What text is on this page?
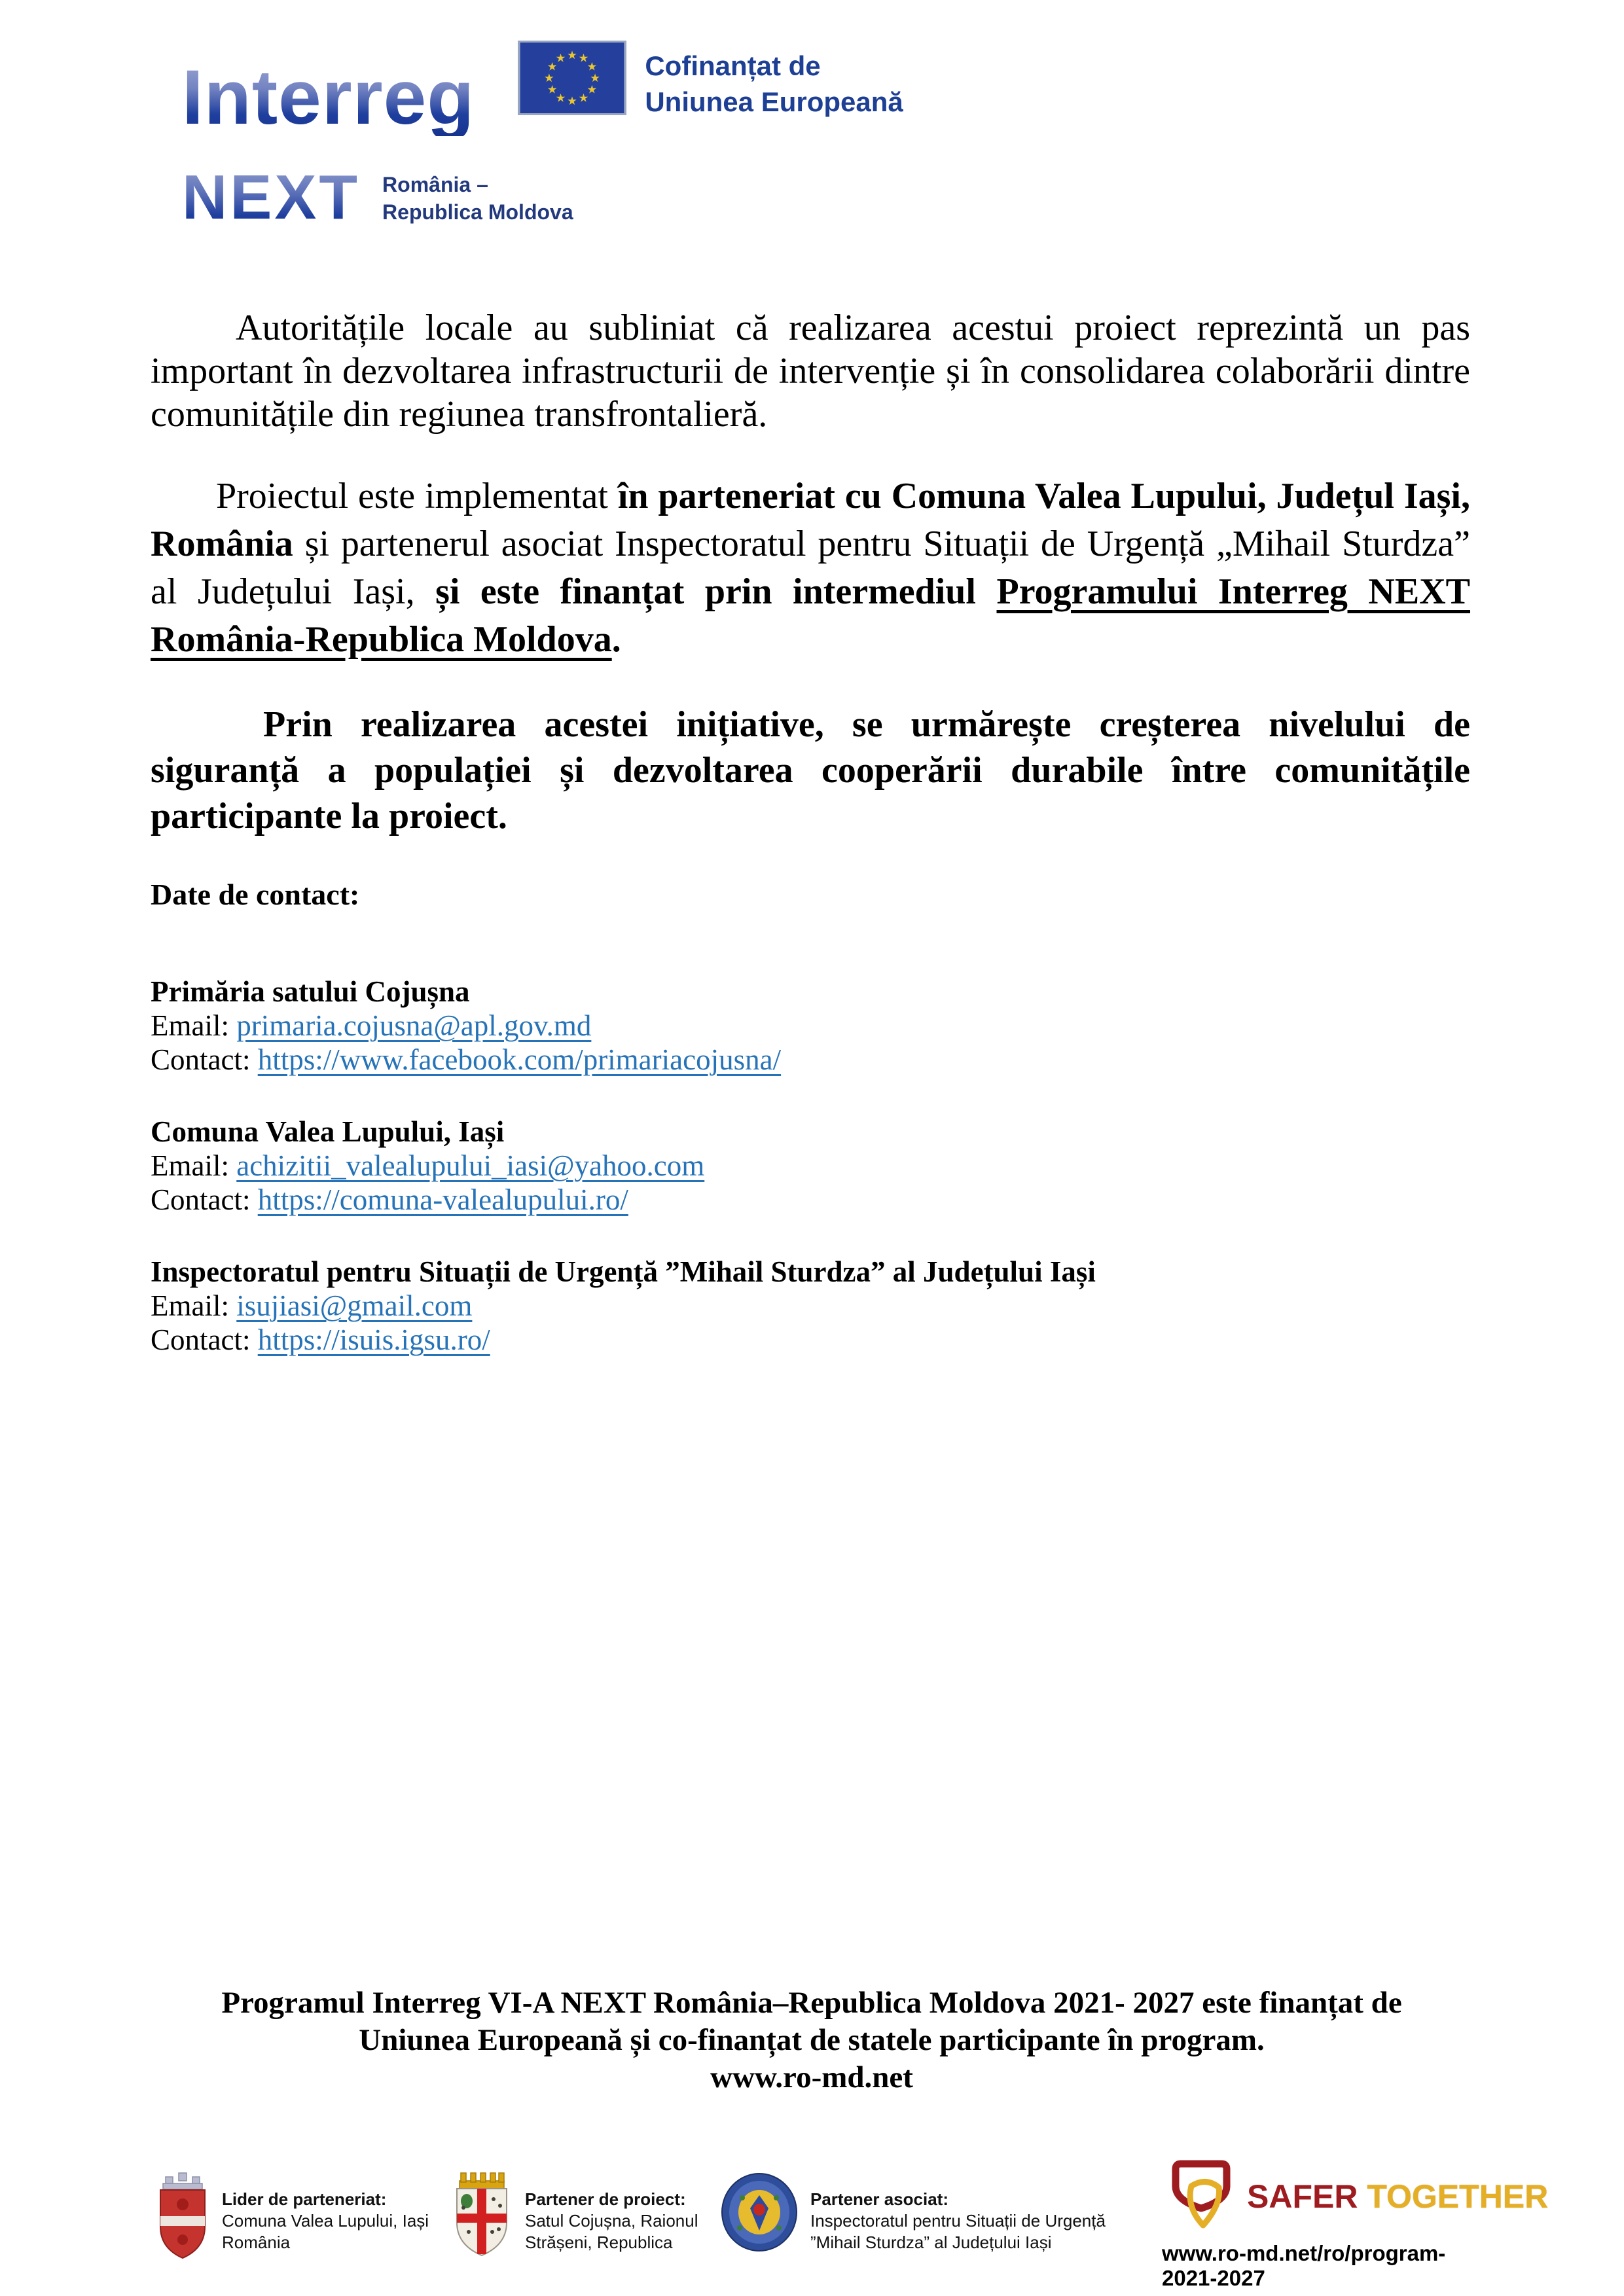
Interreg	★ ★
★
★
★
★
★
★
★
★
★
★	Cofinanțat de
Uniunea Europeană
NEXT România –
Republica Moldova

Autoritățile locale au subliniat că realizarea acestui proiect reprezintă un pas important în dezvoltarea infrastructurii de intervenție și în consolidarea colaborării dintre comunitățile din regiunea transfrontalieră.

Proiectul este implementat în parteneriat cu Comuna Valea Lupului, Județul Iași, România și partenerul asociat Inspectoratul pentru Situații de Urgență „Mihail Sturdza” al Județului Iași, și este finanțat prin intermediul Programului Interreg NEXT România-Republica Moldova.

Prin realizarea acestei inițiative, se urmărește creșterea nivelului de siguranță a populației și dezvoltarea cooperării durabile între comunitățile participante la proiect.

Date de contact:
Primăria satului Cojușna
Email: primaria.cojusna@apl.gov.md
Contact: https://www.facebook.com/primariacojusna/
Comuna Valea Lupului, Iași
Email: achizitii_valealupului_iasi@yahoo.com
Contact: https://comuna-valealupului.ro/
Inspectoratul pentru Situații de Urgență ”Mihail Sturdza” al Județului Iași
Email: isujiasi@gmail.com
Contact: https://isuis.igsu.ro/
Programul Interreg VI-A NEXT România–Republica Moldova 2021- 2027 este finanțat de
Uniunea Europeană și co-finanțat de statele participante în program.
www.ro-md.net
Lider de parteneriat:
Comuna Valea Lupului, Iași
România
Partener de proiect:
Satul Cojușna, Raionul
Strășeni, Republica
Partener asociat:
Inspectoratul pentru Situații de Urgență
”Mihail Sturdza” al Județului Iași
SAFER TOGETHER
www.ro-md.net/ro/program-2021-2027
